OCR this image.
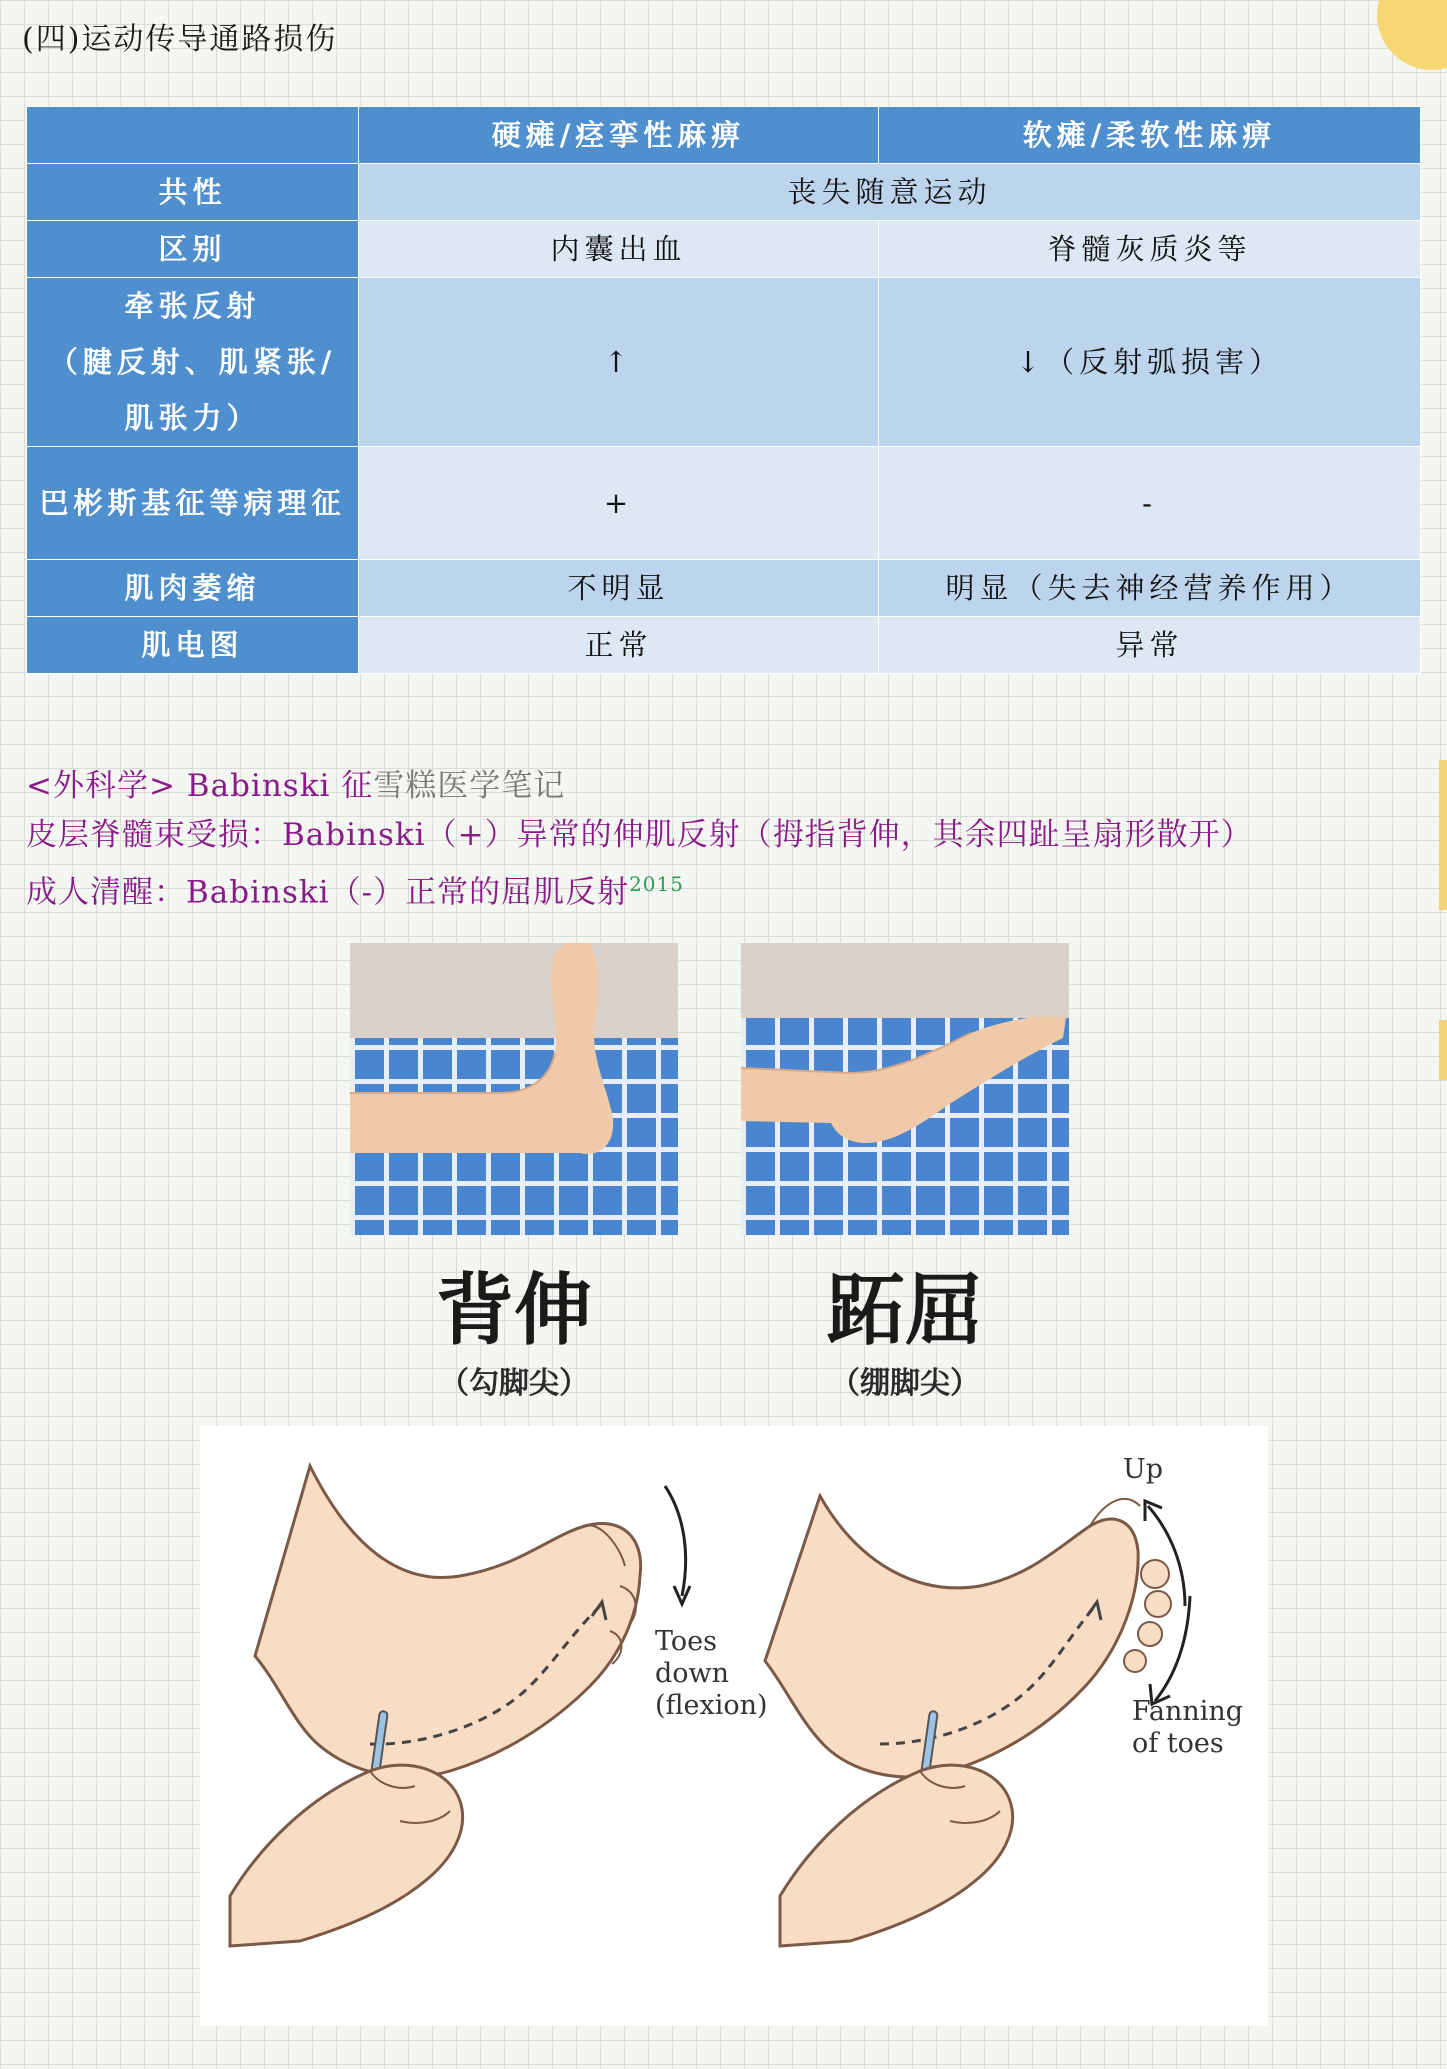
(四)运动传导通路损伤
	硬瘫/痉挛性麻痹	软瘫/柔软性麻痹
共性	丧失随意运动	
区别	内囊出血	脊髓灰质炎等
牵张反射
（腱反射、肌紧张/肌张力）	↑	↓（反射弧损害）
巴彬斯基征等病理征	+	-
肌肉萎缩	不明显	明显（失去神经营养作用）
肌电图	正常	异常
<外科学> Babinski 征雪糕医学笔记
皮层脊髓束受损：Babinski（+）异常的伸肌反射（拇指背伸，其余四趾呈扇形散开）
成人清醒：Babinski（-）正常的屈肌反射$^{2015}$
背伸	跖屈
（勾脚尖）	（绷脚尖）
Toes
down
(flexion)
Up
Fanning
of toes
